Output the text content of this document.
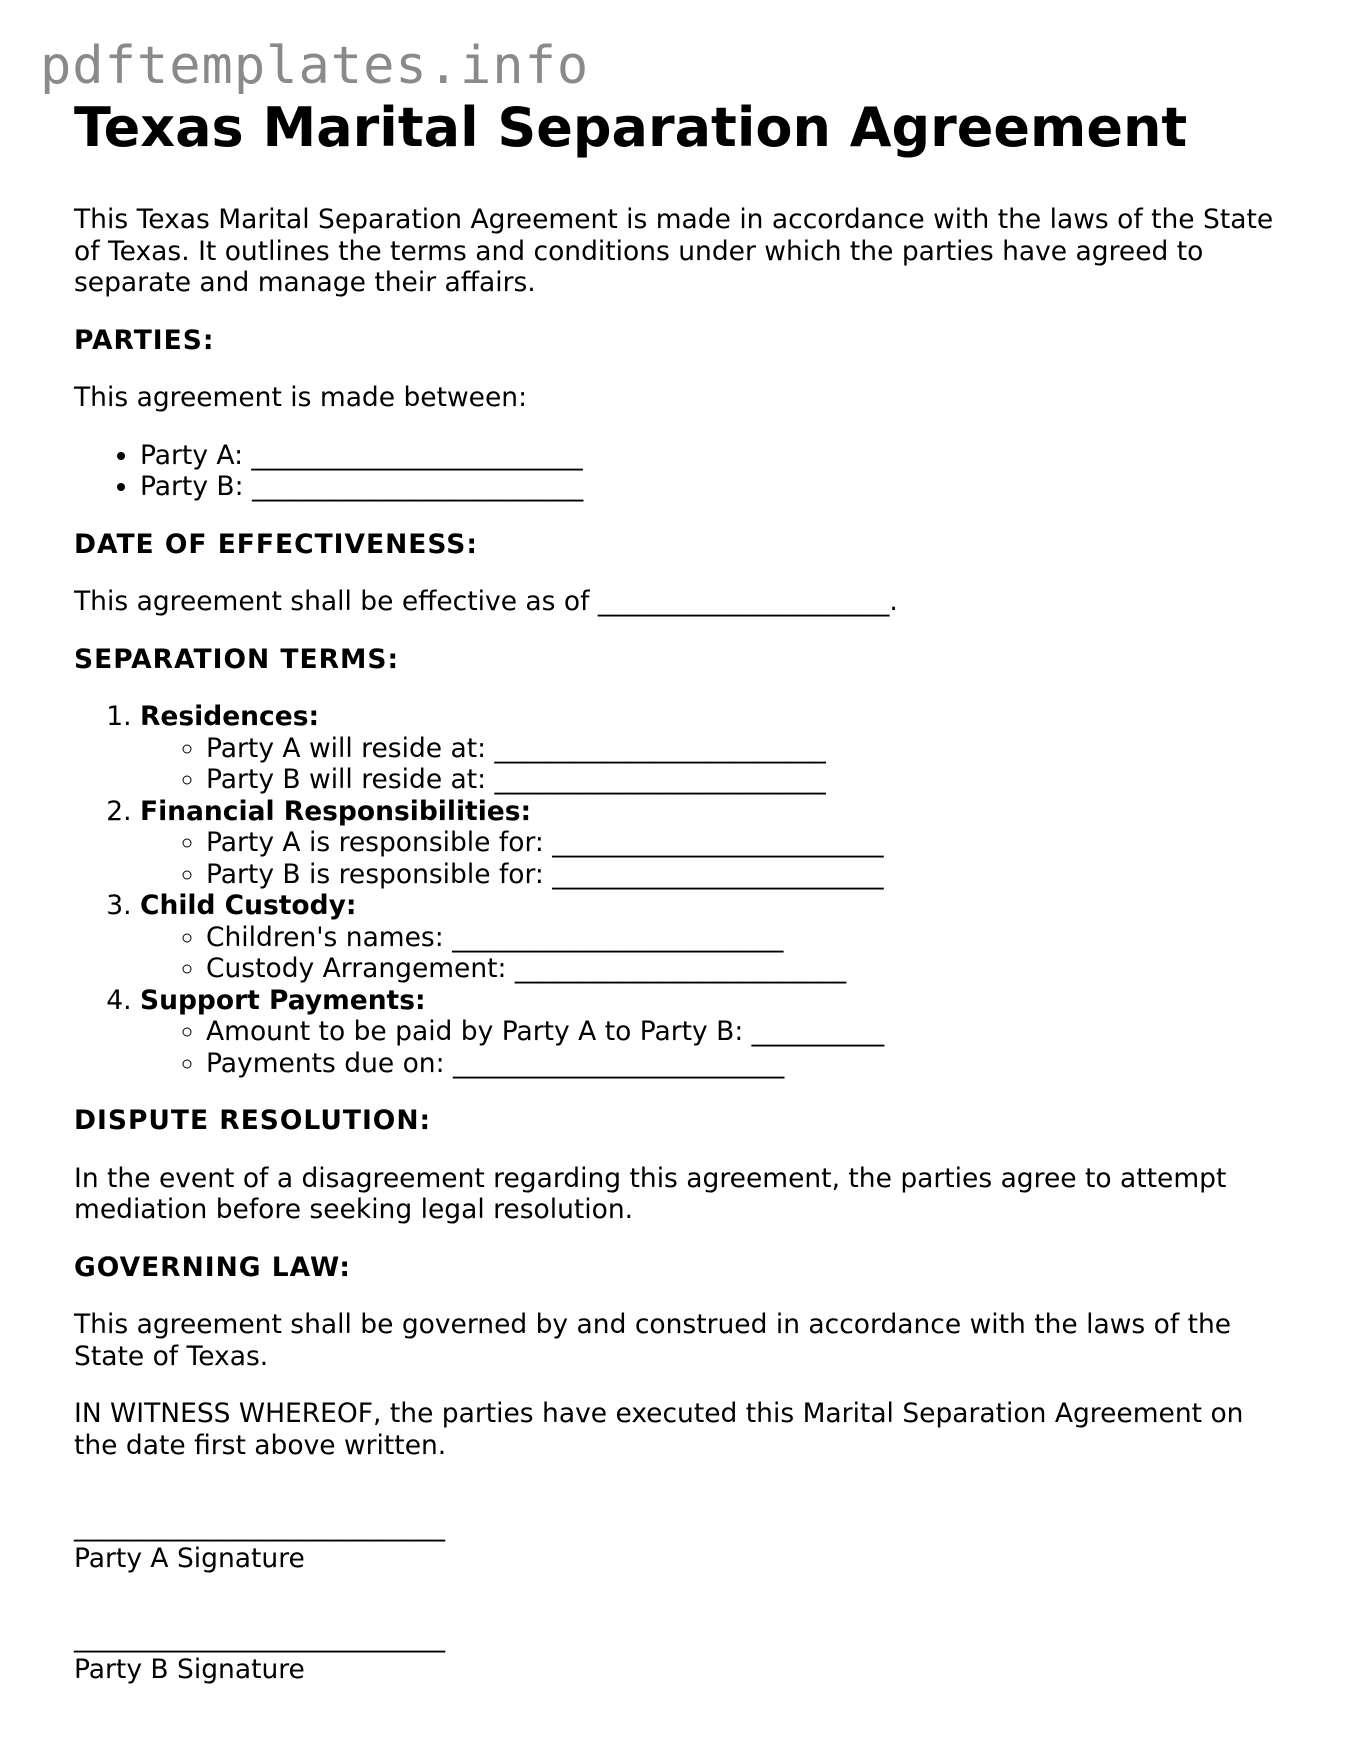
pdftemplates.info
Texas Marital Separation Agreement

This Texas Marital Separation Agreement is made in accordance with the laws of the State of Texas. It outlines the terms and conditions under which the parties have agreed to separate and manage their affairs.

PARTIES:

This agreement is made between:

• Party A: _________________________
• Party B: _________________________

DATE OF EFFECTIVENESS:

This agreement shall be effective as of ______________________.

SEPARATION TERMS:

1. Residences:
◦ Party A will reside at: _________________________
◦ Party B will reside at: _________________________
2. Financial Responsibilities:
◦ Party A is responsible for: _________________________
◦ Party B is responsible for: _________________________
3. Child Custody:
◦ Children's names: _________________________
◦ Custody Arrangement: _________________________
4. Support Payments:
◦ Amount to be paid by Party A to Party B: __________
◦ Payments due on: _________________________

DISPUTE RESOLUTION:

In the event of a disagreement regarding this agreement, the parties agree to attempt mediation before seeking legal resolution.

GOVERNING LAW:

This agreement shall be governed by and construed in accordance with the laws of the State of Texas.

IN WITNESS WHEREOF, the parties have executed this Marital Separation Agreement on the date first above written.

____________________________
Party A Signature
____________________________
Party B Signature
